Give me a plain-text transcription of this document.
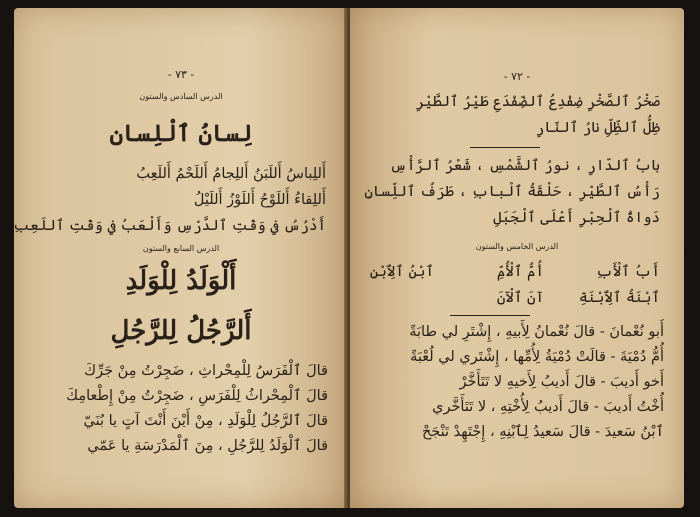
- ٧٣ -
الدرس السادس والستون
لِسانُ ٱلْلِسان
أَللِباسُ أَللَبَنُ أَللِجامُ أَللَحْمُ أَللَعِبُ
أَللِقاءُ أَللَوْحُ أَللَوْزُ أَللَيْلُ
أَدْرُسُ في وَقْتِ ٱلدَّرْسِ وَأَلْعَبُ في وَقْتِ ٱللَعِبِ
الدرس السابع والستون
أَلْوَلَدُ لِلْوَلَدِ
أَلرَّجُلُ لِلرَّجُلِ
قالَ ٱلْفَرَسُ لِلْمِحْراثِ ، ضَجِرْتُ مِنْ جَرِّكَ
قالَ ٱلْمِحْراثُ لِلْفَرَسِ ، ضَجِرْتُ مِنْ إِطْعامِكَ
قالَ ٱلرَّجُلُ لِلْوَلَدِ ، مِنْ أَيْنَ أَنْتَ آتٍ يا بُنَيّ
قالَ ٱلْوَلَدُ لِلرَّجُلِ ، مِنَ ٱلْمَدْرَسَةِ يا عَمّي
- ٧٢ -
صَخْرُ ٱلصَّخْرِ ضِفْدِعُ ٱلضِّفْدَعِ طَيْرُ ٱلطَّيْرِ
ظِلُّ ٱلظِّلِّ نارُ ٱلنّارِ
بابُ ٱلدّارِ ، نورُ ٱلشَّمْسِ ، شَعْرُ ٱلرَّأْسِ
رَأْسُ ٱلطَّيْرِ ، حَلْقَةُ ٱلْبابِ ، طَرَفُ ٱللِّسانِ
دَواةُ ٱلْحِبْرِ أَعْلَى ٱلْجَبَلِ
الدرس الخامس والستون
أَبُ ٱلْأَبِ
أُمُّ ٱلْأُمِّ
ٱبْنُ ٱلِٱبْنِ
ٱبْنَةُ ٱلِٱبْنَةِ
آنَ ٱلْآنَ
أَبو نُعْمانَ - قالَ نُعْمانُ لِأَبيهِ ، إِشْتَرِ لي طابَةً
أُمُّ دُمْيَةَ - قالَتْ دُمْيَةُ لِأُمِّها ، إِشْتَري لي لُعْبَةً
أَخو أَديبَ - قالَ أَديبُ لِأَخيهِ لا تَتَأَخَّرْ
أُخْتُ أَديبَ - قالَ أَديبُ لِأُخْتِهِ ، لا تَتَأَخَّري
ٱبْنُ سَعيدَ - قالَ سَعيدُ لِٱبْنِهِ ، إِجْتَهِدْ تَنْجَحْ
